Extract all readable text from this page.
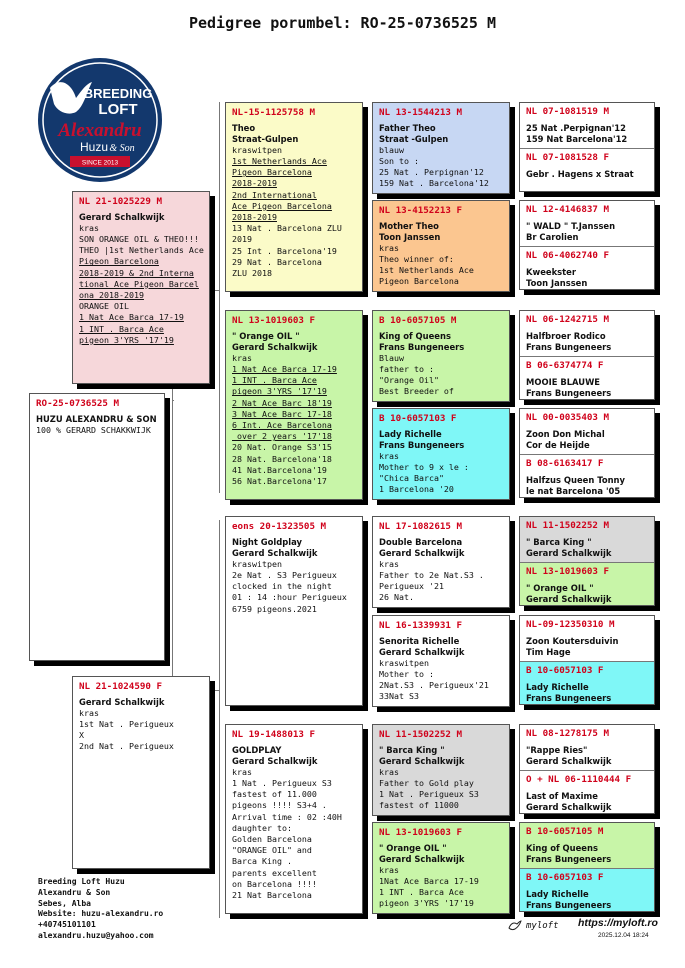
Pedigree porumbel: RO-25-0736525 M
BREEDING
LOFT
Alexandru
Huzu & Son
SINCE 2013
RO-25-0736525 M
HUZU ALEXANDRU & SON
100 % GERARD SCHAKKWIJK
NL 21-1025229 M
Gerard Schalkwijk
kras
SON ORANGE OIL & THEO!!!
THEO |1st Netherlands Ace
Pigeon Barcelona
2018-2019 & 2nd Interna
tional Ace Pigeon Barcel
ona 2018-2019
ORANGE OIL
1 Nat Ace Barca 17-19
1 INT . Barca Ace
pigeon 3'YRS '17'19
NL 21-1024590 F
Gerard Schalkwijk
kras
1st Nat . Perigueux
X
2nd Nat . Perigueux
NL-15-1125758 M
Theo
Straat-Gulpen
kraswitpen
1st Netherlands Ace
Pigeon Barcelona
2018-2019
2nd International
Ace Pigeon Barcelona
2018-2019
13 Nat . Barcelona ZLU
2019
25 Int . Barcelona'19
29 Nat . Barcelona
ZLU 2018
NL 13-1019603 F
" Orange OIL "
Gerard Schalkwijk
kras
1 Nat Ace Barca 17-19
1 INT . Barca Ace
pigeon 3'YRS '17'19
2 Nat Ace Barc 18'19
3 Nat Ace Barc 17-18
6 Int. Ace Barcelona
over 2 years '17'18
20 Nat. Orange S3'15
28 Nat. Barcelona'18
41 Nat.Barcelona'19
56 Nat.Barcelona'17
eons 20-1323505 M
Night Goldplay
Gerard Schalkwijk
kraswitpen
2e Nat . S3 Perigueux
clocked in the night
01 : 14 :hour Perigueux
6759 pigeons.2021
NL 19-1488013 F
GOLDPLAY
Gerard Schalkwijk
kras
1 Nat . Perigueux S3
fastest of 11.000
pigeons !!!! S3+4 .
Arrival time : 02 :40H
daughter to:
Golden Barcelona
"ORANGE OIL" and
Barca King .
parents excellent
on Barcelona !!!!
21 Nat Barcelona
NL 13-1544213 M
Father Theo
Straat -Gulpen
blauw
Son to :
25 Nat . Perpignan'12
159 Nat . Barcelona'12
NL 13-4152213 F
Mother Theo
Toon Janssen
kras
Theo winner of:
1st Netherlands Ace
Pigeon Barcelona
B 10-6057105 M
King of Queens
Frans Bungeneers
Blauw
father to :
"Orange Oil"
Best Breeder of
B 10-6057103 F
Lady Richelle
Frans Bungeneers
kras
Mother to 9 x le :
"Chica Barca"
1 Barcelona '20
NL 17-1082615 M
Double Barcelona
Gerard Schalkwijk
kras
Father to 2e Nat.S3 .
Perigueux '21
26 Nat.
NL 16-1339931 F
Senorita Richelle
Gerard Schalkwijk
kraswitpen
Mother to :
2Nat.S3 . Perigueux'21
33Nat S3
NL 11-1502252 M
" Barca King "
Gerard Schalkwijk
kras
Father to Gold play
1 Nat . Perigueux S3
fastest of 11000
NL 13-1019603 F
" Orange OIL "
Gerard Schalkwijk
kras
1Nat Ace Barca 17-19
1 INT . Barca Ace
pigeon 3'YRS '17'19
NL 07-1081519 M
25 Nat .Perpignan'12
159 Nat Barcelona'12
NL 07-1081528 F
Gebr . Hagens x Straat
NL 12-4146837 M
" WALD " T.Janssen
Br Carolien
NL 06-4062740 F
Kweekster
Toon Janssen
NL 06-1242715 M
Halfbroer Rodico
Frans Bungeneers
B 06-6374774 F
MOOIE BLAUWE
Frans Bungeneers
NL 00-0035403 M
Zoon Don Michal
Cor de Heijde
B 08-6163417 F
Halfzus Queen Tonny
le nat Barcelona '05
NL 11-1502252 M
" Barca King "
Gerard Schalkwijk
NL 13-1019603 F
" Orange OIL "
Gerard Schalkwijk
NL-09-12350310 M
Zoon Koutersduivin
Tim Hage
B 10-6057103 F
Lady Richelle
Frans Bungeneers
NL 08-1278175 M
"Rappe Ries"
Gerard Schalkwijk
O + NL 06-1110444 F
Last of Maxime
Gerard Schalkwijk
B 10-6057105 M
King of Queens
Frans Bungeneers
B 10-6057103 F
Lady Richelle
Frans Bungeneers
Breeding Loft Huzu
Alexandru & Son
Sebes, Alba
Website: huzu-alexandru.ro
+40745101101
alexandru.huzu@yahoo.com
myloft https://myloft.ro
2025.12.04 18:24
